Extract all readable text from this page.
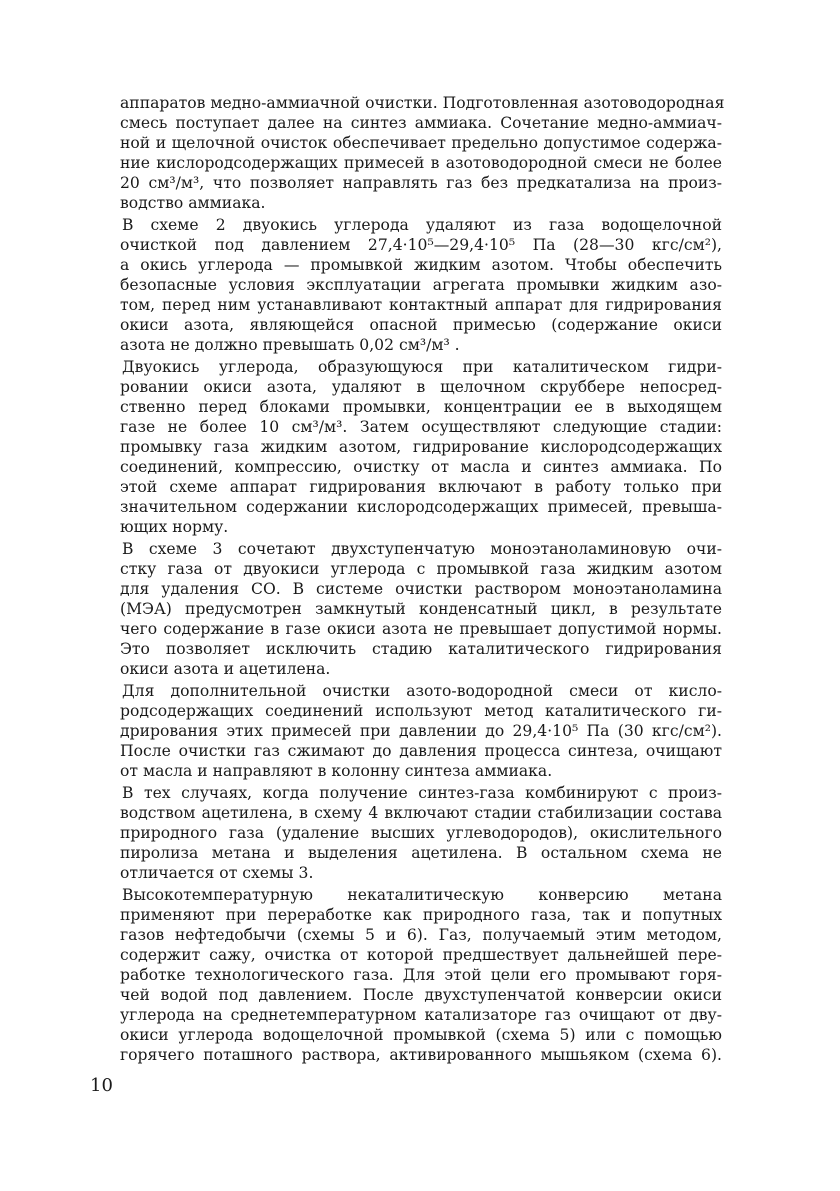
аппаратов медно-аммиачной очистки. Подготовленная азотоводородная
смесь поступает далее на синтез аммиака. Сочетание медно-аммиач-
ной и щелочной очисток обеспечивает предельно допустимое содержа-
ние кислородсодержащих примесей в азотоводородной смеси не более
20 см³/м³, что позволяет направлять газ без предкатализа на произ-
водство аммиака.
В схеме 2 двуокись углерода удаляют из газа водощелочной
очисткой под давлением 27,4·10⁵—29,4·10⁵ Па (28—30 кгс/см²),
а окись углерода — промывкой жидким азотом. Чтобы обеспечить
безопасные условия эксплуатации агрегата промывки жидким азо-
том, перед ним устанавливают контактный аппарат для гидрирования
окиси азота, являющейся опасной примесью (содержание окиси
азота не должно превышать 0,02 см³/м³ .
Двуокись углерода, образующуюся при каталитическом гидри-
ровании окиси азота, удаляют в щелочном скруббере непосред-
ственно перед блоками промывки, концентрации ее в выходящем
газе не более 10 см³/м³. Затем осуществляют следующие стадии:
промывку газа жидким азотом, гидрирование кислородсодержащих
соединений, компрессию, очистку от масла и синтез аммиака. По
этой схеме аппарат гидрирования включают в работу только при
значительном содержании кислородсодержащих примесей, превыша-
ющих норму.
В схеме 3 сочетают двухступенчатую моноэтаноламиновую очи-
стку газа от двуокиси углерода с промывкой газа жидким азотом
для удаления СО. В системе очистки раствором моноэтаноламина
(МЭА) предусмотрен замкнутый конденсатный цикл, в результате
чего содержание в газе окиси азота не превышает допустимой нормы.
Это позволяет исключить стадию каталитического гидрирования
окиси азота и ацетилена.
Для дополнительной очистки азото-водородной смеси от кисло-
родсодержащих соединений используют метод каталитического ги-
дрирования этих примесей при давлении до 29,4·10⁵ Па (30 кгс/см²).
После очистки газ сжимают до давления процесса синтеза, очищают
от масла и направляют в колонну синтеза аммиака.
В тех случаях, когда получение синтез-газа комбинируют с произ-
водством ацетилена, в схему 4 включают стадии стабилизации состава
природного газа (удаление высших углеводородов), окислительного
пиролиза метана и выделения ацетилена. В остальном схема не
отличается от схемы 3.
Высокотемпературную некаталитическую конверсию метана
применяют при переработке как природного газа, так и попутных
газов нефтедобычи (схемы 5 и 6). Газ, получаемый этим методом,
содержит сажу, очистка от которой предшествует дальнейшей пере-
работке технологического газа. Для этой цели его промывают горя-
чей водой под давлением. После двухступенчатой конверсии окиси
углерода на среднетемпературном катализаторе газ очищают от дву-
окиси углерода водощелочной промывкой (схема 5) или с помощью
горячего поташного раствора, активированного мышьяком (схема 6).
10
